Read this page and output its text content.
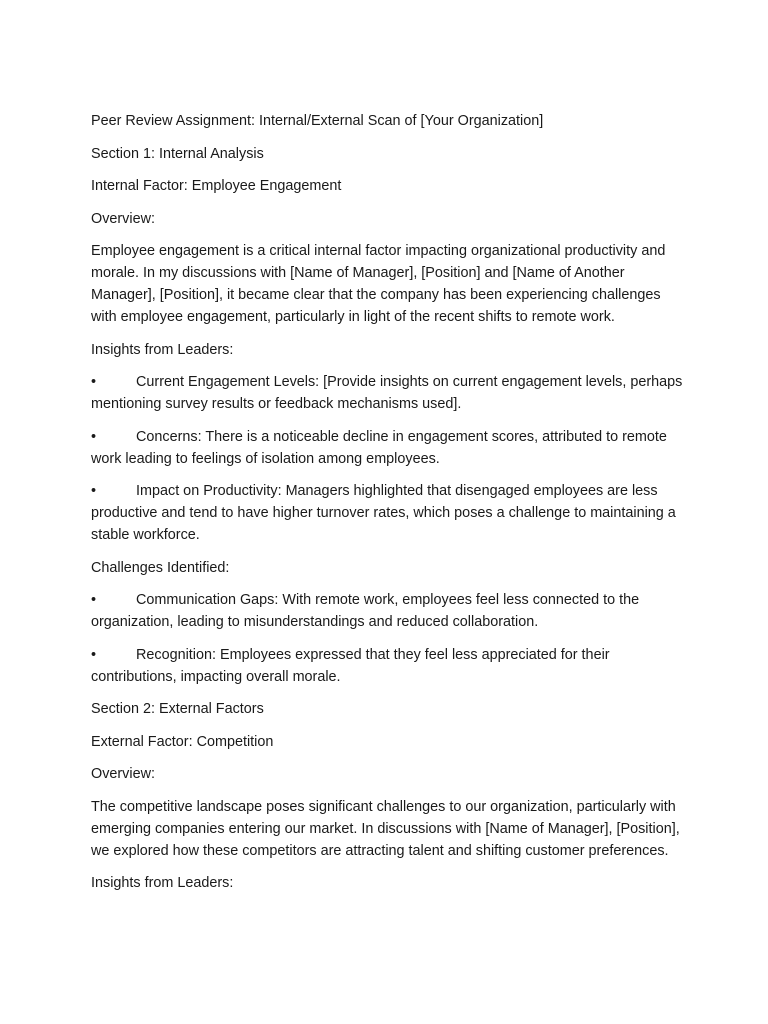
Peer Review Assignment: Internal/External Scan of [Your Organization]

Section 1: Internal Analysis

Internal Factor: Employee Engagement

Overview:

Employee engagement is a critical internal factor impacting organizational productivity and morale. In my discussions with [Name of Manager], [Position] and [Name of Another Manager], [Position], it became clear that the company has been experiencing challenges with employee engagement, particularly in light of the recent shifts to remote work.

Insights from Leaders:

•	Current Engagement Levels: [Provide insights on current engagement levels, perhaps mentioning survey results or feedback mechanisms used].
•	Concerns: There is a noticeable decline in engagement scores, attributed to remote work leading to feelings of isolation among employees.
•	Impact on Productivity: Managers highlighted that disengaged employees are less productive and tend to have higher turnover rates, which poses a challenge to maintaining a stable workforce.

Challenges Identified:

•	Communication Gaps: With remote work, employees feel less connected to the organization, leading to misunderstandings and reduced collaboration.
•	Recognition: Employees expressed that they feel less appreciated for their contributions, impacting overall morale.

Section 2: External Factors

External Factor: Competition

Overview:

The competitive landscape poses significant challenges to our organization, particularly with emerging companies entering our market. In discussions with [Name of Manager], [Position], we explored how these competitors are attracting talent and shifting customer preferences.

Insights from Leaders:
